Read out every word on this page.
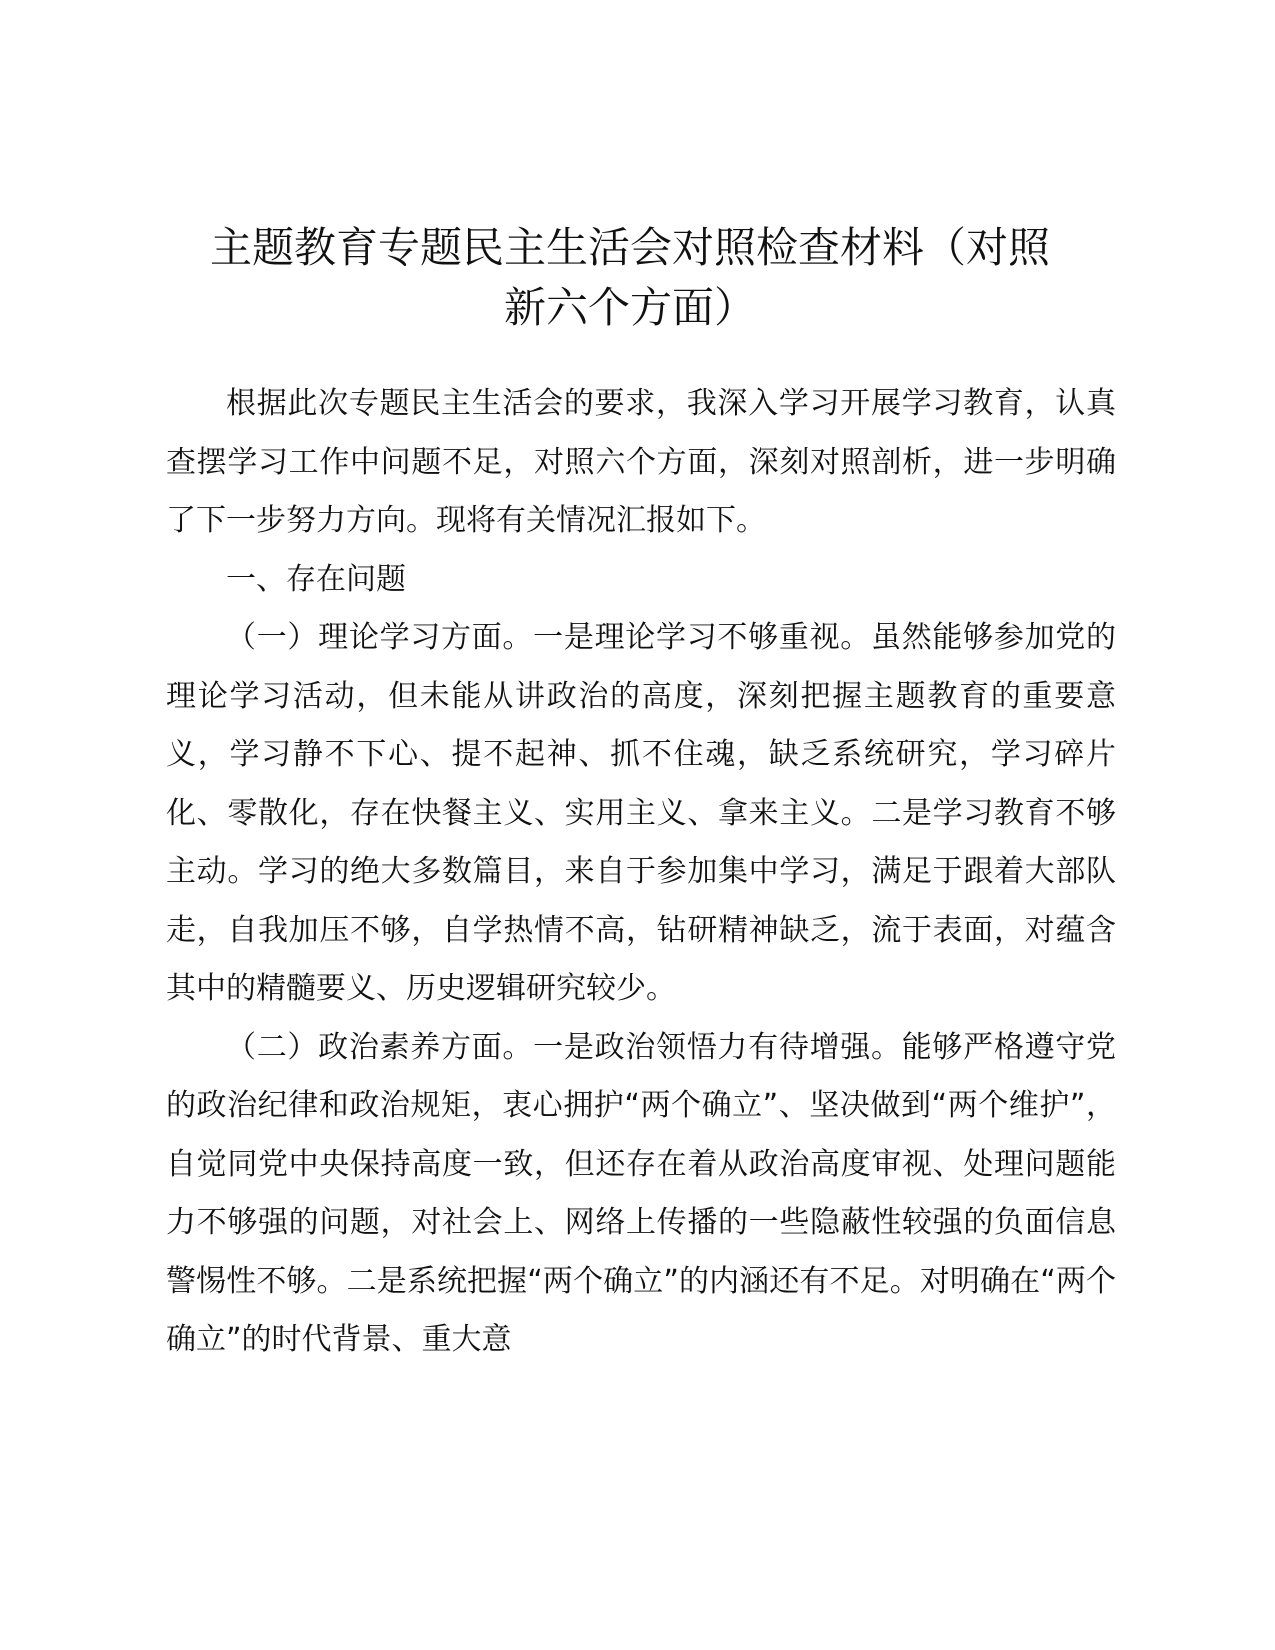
主题教育专题民主生活会对照检查材料（对照
新六个方面）

根据此次专题民主生活会的要求，我深入学习开展学习教育，认真查摆学习工作中问题不足，对照六个方面，深刻对照剖析，进一步明确了下一步努力方向。现将有关情况汇报如下。

一、存在问题

（一）理论学习方面。一是理论学习不够重视。虽然能够参加党的理论学习活动，但未能从讲政治的高度，深刻把握主题教育的重要意义，学习静不下心、提不起神、抓不住魂，缺乏系统研究，学习碎片化、零散化，存在快餐主义、实用主义、拿来主义。二是学习教育不够主动。学习的绝大多数篇目，来自于参加集中学习，满足于跟着大部队走，自我加压不够，自学热情不高，钻研精神缺乏，流于表面，对蕴含其中的精髓要义、历史逻辑研究较少。

（二）政治素养方面。一是政治领悟力有待增强。能够严格遵守党的政治纪律和政治规矩，衷心拥护“两个确立”、坚决做到“两个维护”，自觉同党中央保持高度一致，但还存在着从政治高度审视、处理问题能力不够强的问题，对社会上、网络上传播的一些隐蔽性较强的负面信息警惕性不够。二是系统把握“两个确立”的内涵还有不足。对明确在“两个确立”的时代背景、重大意
